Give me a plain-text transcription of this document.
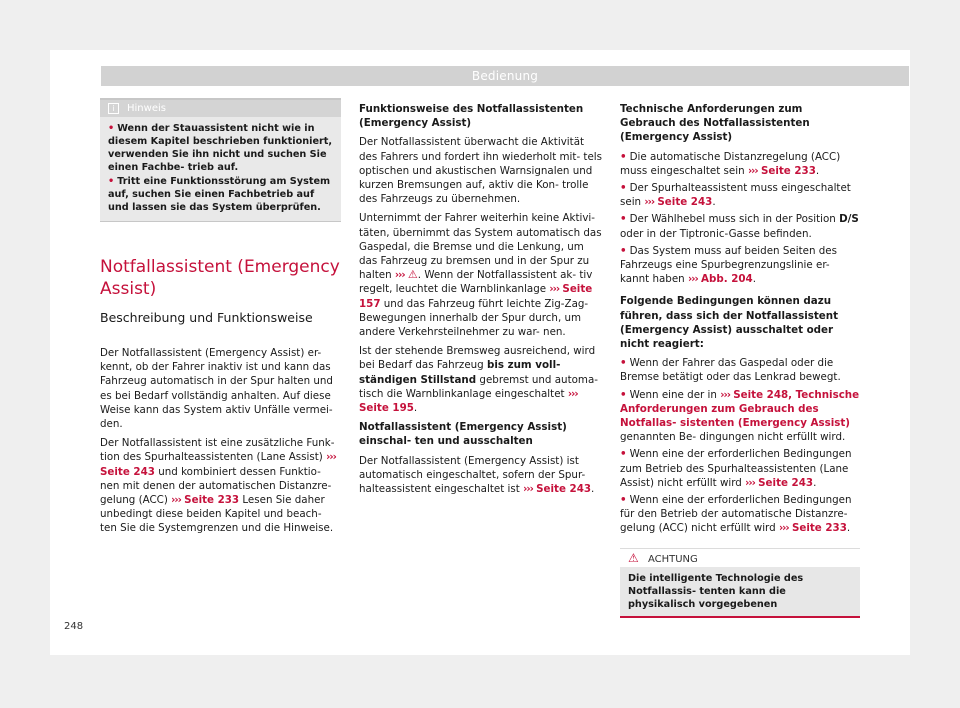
Bedienung
i	Hinweis

• Wenn der Stauassistent nicht wie in diesem Kapitel beschrieben funktioniert, verwenden Sie ihn nicht und suchen Sie einen Fachbe- trieb auf.

• Tritt eine Funktionsstörung am System auf, suchen Sie einen Fachbetrieb auf und lassen sie das System überprüfen.

Notfallassistent (Emergency Assist)
Beschreibung und Funktionsweise

Der Notfallassistent (Emergency Assist) er- kennt, ob der Fahrer inaktiv ist und kann das Fahrzeug automatisch in der Spur halten und es bei Bedarf vollständig anhalten. Auf diese Weise kann das System aktiv Unfälle vermei- den.

Der Notfallassistent ist eine zusätzliche Funk- tion des Spurhalteassistenten (Lane Assist) ››› Seite 243 und kombiniert dessen Funktio- nen mit denen der automatischen Distanzre- gelung (ACC) ››› Seite 233 Lesen Sie daher unbedingt diese beiden Kapitel und beach- ten Sie die Systemgrenzen und die Hinweise.

Funktionsweise des Notfallassistenten (Emergency Assist)

Der Notfallassistent überwacht die Aktivität des Fahrers und fordert ihn wiederholt mit- tels optischen und akustischen Warnsignalen und kurzen Bremsungen auf, aktiv die Kon- trolle des Fahrzeugs zu übernehmen.

Unternimmt der Fahrer weiterhin keine Aktivi- täten, übernimmt das System automatisch das Gaspedal, die Bremse und die Lenkung, um das Fahrzeug zu bremsen und in der Spur zu halten ››› ⚠. Wenn der Notfallassistent ak- tiv regelt, leuchtet die Warnblinkanlage ››› Seite 157 und das Fahrzeug führt leichte Zig-Zag-Bewegungen innerhalb der Spur durch, um andere Verkehrsteilnehmer zu war- nen.

Ist der stehende Bremsweg ausreichend, wird bei Bedarf das Fahrzeug bis zum voll- ständigen Stillstand gebremst und automa- tisch die Warnblinkanlage eingeschaltet ››› Seite 195.

Notfallassistent (Emergency Assist) einschal- ten und ausschalten

Der Notfallassistent (Emergency Assist) ist automatisch eingeschaltet, sofern der Spur- halteassistent eingeschaltet ist ››› Seite 243.

Technische Anforderungen zum Gebrauch des Notfallassistenten (Emergency Assist)

• Die automatische Distanzregelung (ACC) muss eingeschaltet sein ››› Seite 233.

• Der Spurhalteassistent muss eingeschaltet sein ››› Seite 243.

• Der Wählhebel muss sich in der Position D/S oder in der Tiptronic-Gasse befinden.

• Das System muss auf beiden Seiten des Fahrzeugs eine Spurbegrenzungslinie er- kannt haben ››› Abb. 204.

Folgende Bedingungen können dazu führen, dass sich der Notfallassistent (Emergency Assist) ausschaltet oder nicht reagiert:

• Wenn der Fahrer das Gaspedal oder die Bremse betätigt oder das Lenkrad bewegt.

• Wenn eine der in ››› Seite 248, Technische Anforderungen zum Gebrauch des Notfallas- sistenten (Emergency Assist) genannten Be- dingungen nicht erfüllt wird.

• Wenn eine der erforderlichen Bedingungen zum Betrieb des Spurhalteassistenten (Lane Assist) nicht erfüllt wird ››› Seite 243.

• Wenn eine der erforderlichen Bedingungen für den Betrieb der automatische Distanzre- gelung (ACC) nicht erfüllt wird ››› Seite 233.

⚠ ACHTUNG

Die intelligente Technologie des Notfallassis- tenten kann die physikalisch vorgegebenen

248
